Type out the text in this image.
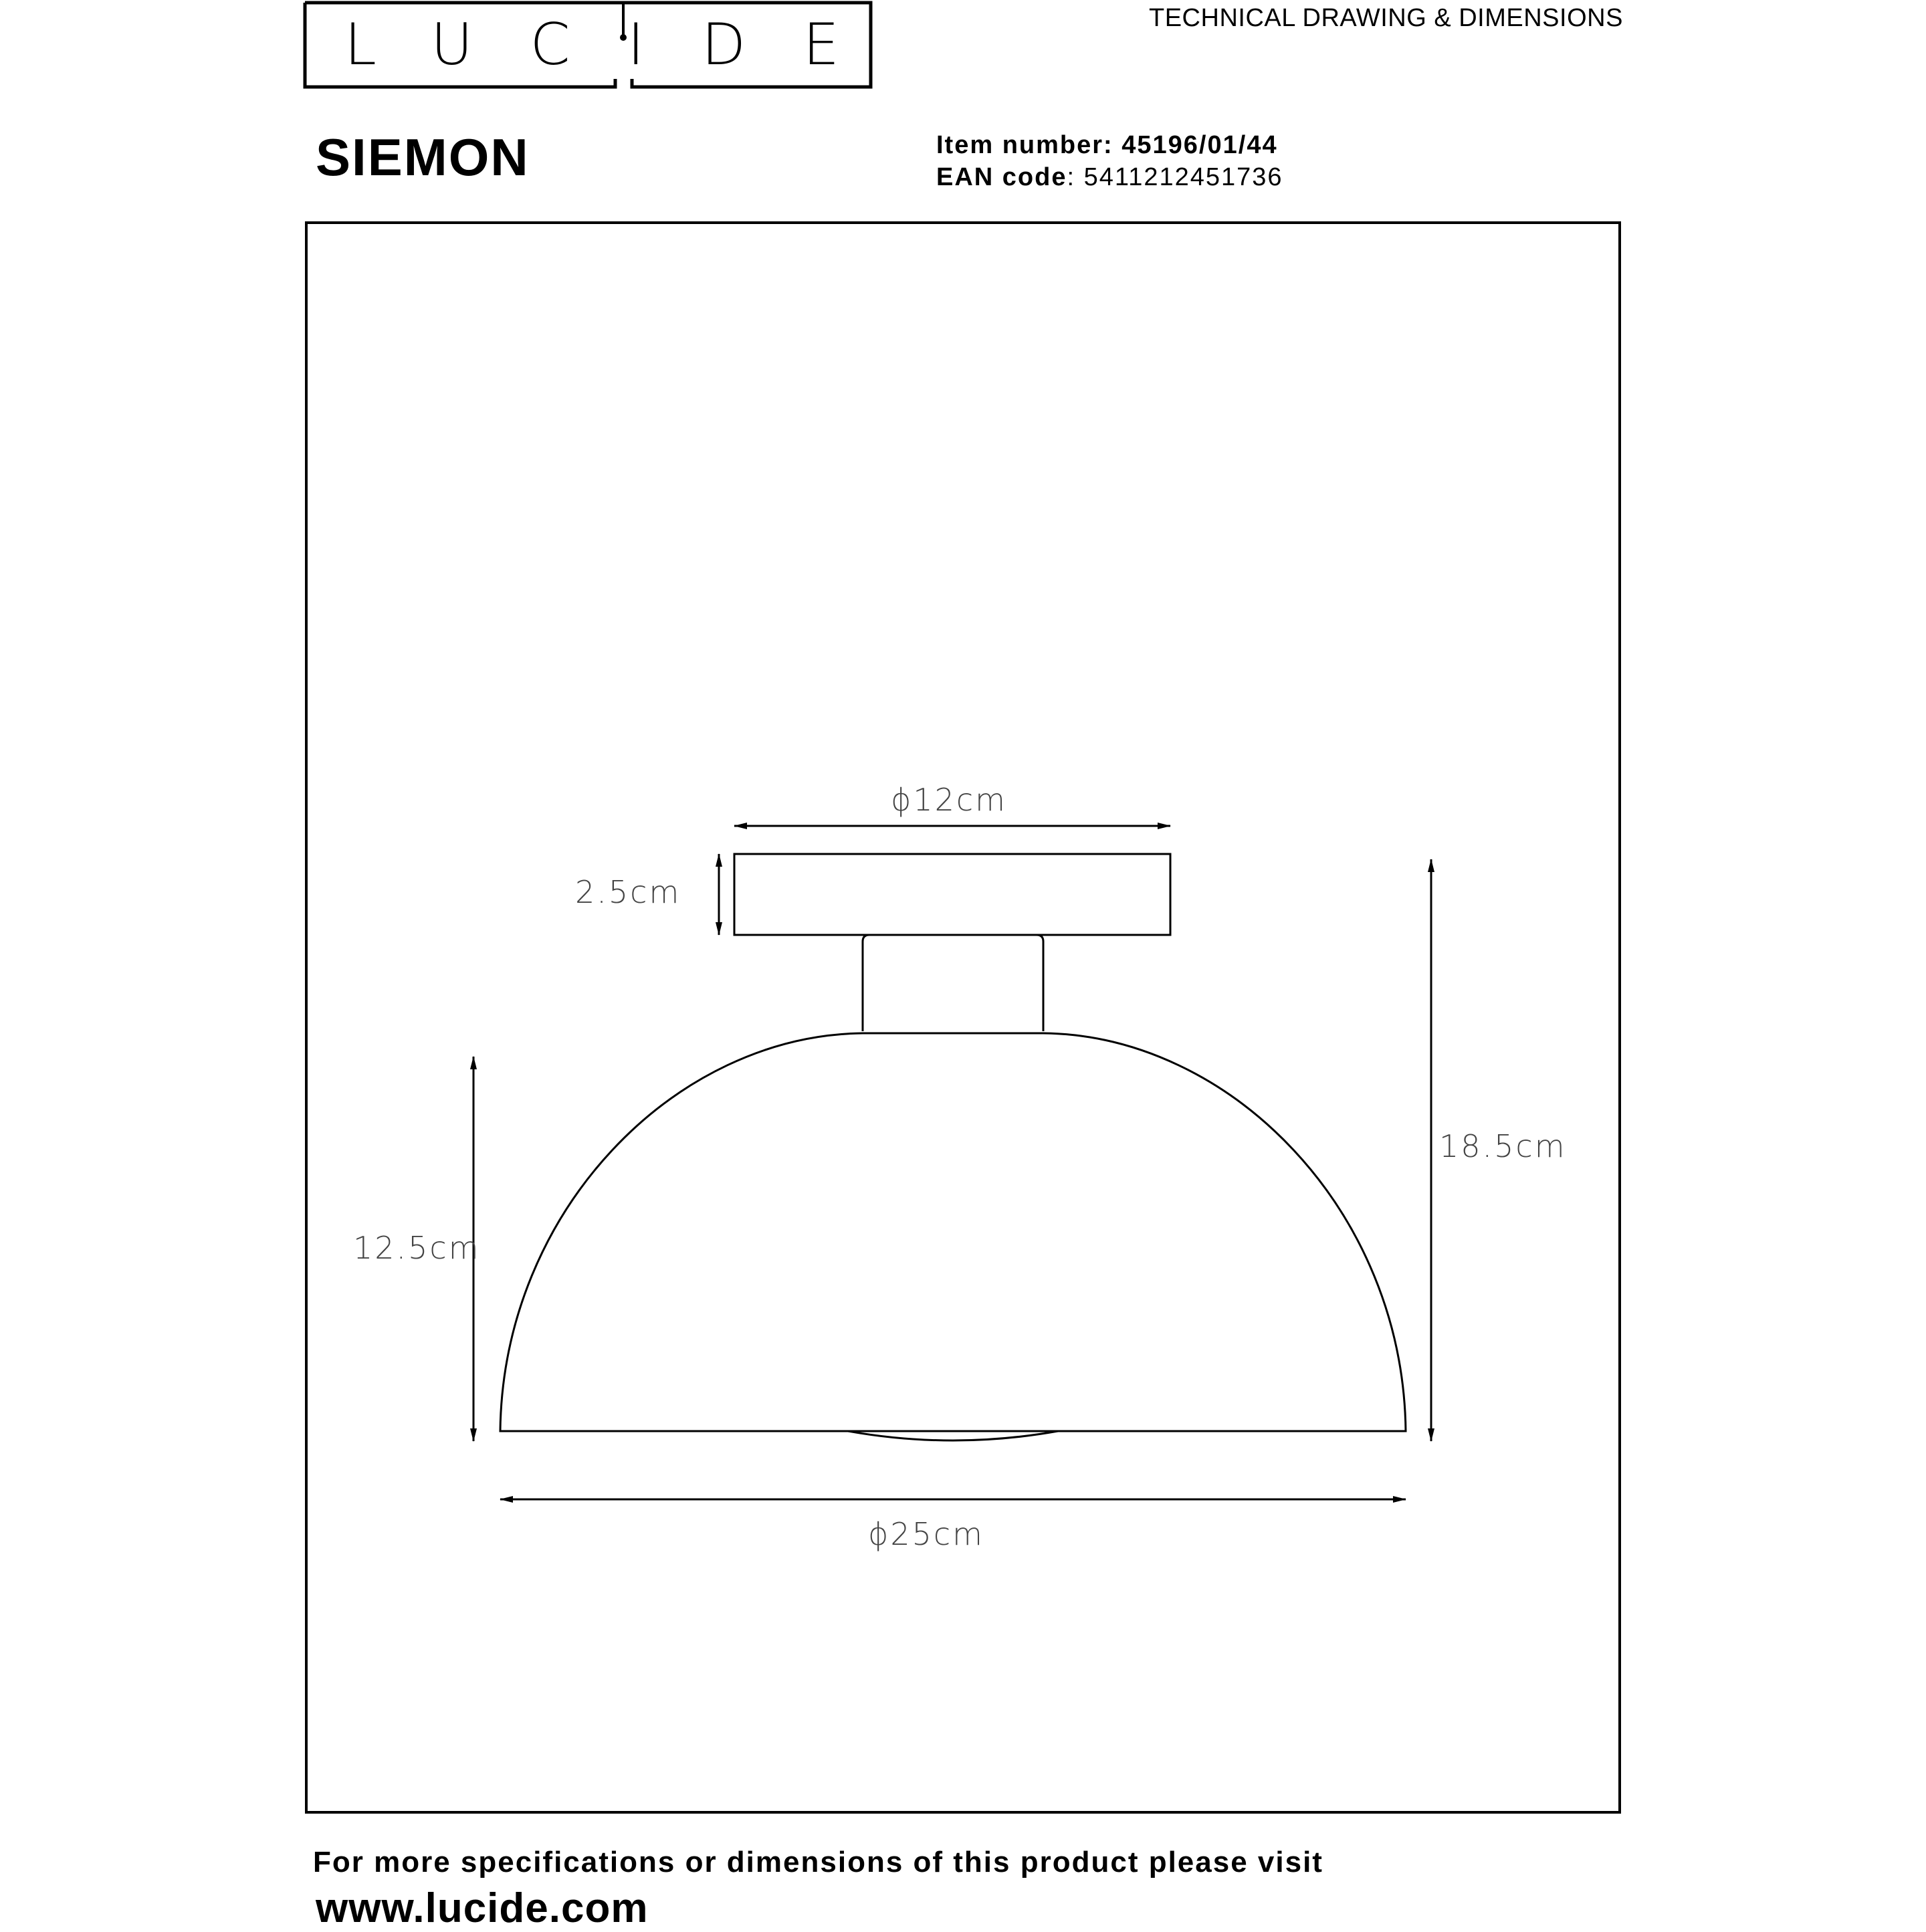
LUCIDE	TECHNICAL DRAWING & DIMENSIONS
SIEMON	Item number: 45196/01/44
EAN code: 5411212451736
ϕ12cm
2.5cm
18.5cm
12.5cm
ϕ25cm
For more specifications or dimensions of this product please visit
www.lucide.com
